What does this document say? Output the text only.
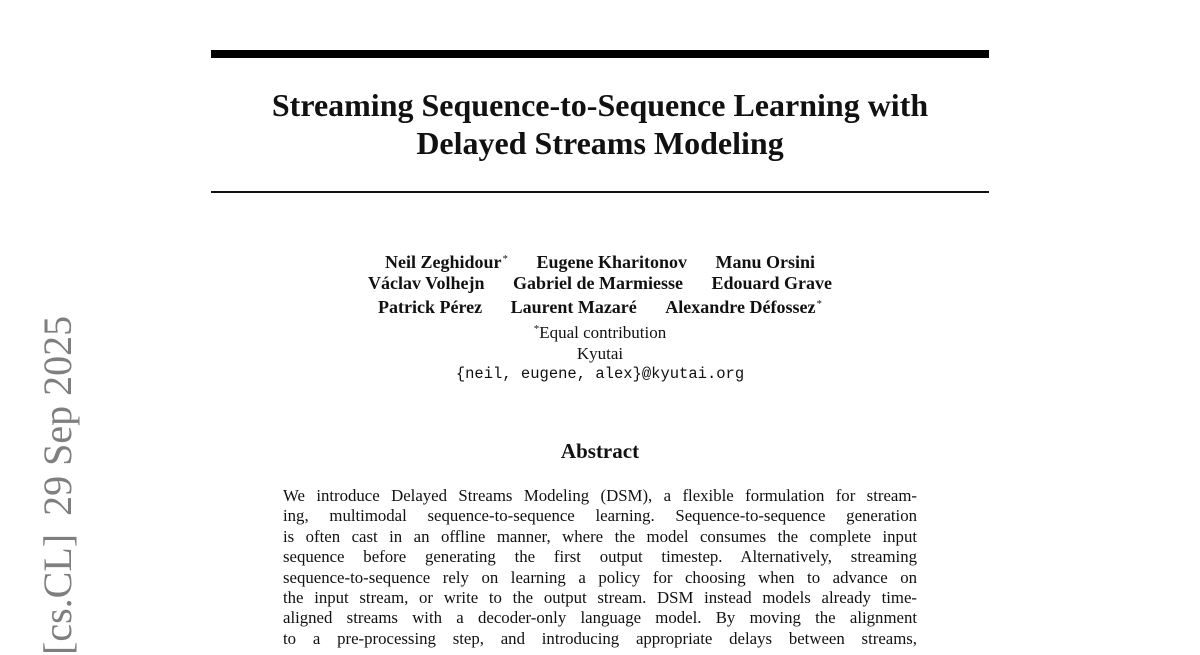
Streaming Sequence-to-Sequence Learning with
Delayed Streams Modeling
Neil Zeghidour* Eugene Kharitonov Manu Orsini
Václav Volhejn Gabriel de Marmiesse Edouard Grave
Patrick Pérez Laurent Mazaré Alexandre Défossez*
*Equal contribution
Kyutai
{neil, eugene, alex}@kyutai.org
Abstract
We introduce Delayed Streams Modeling (DSM), a flexible formulation for stream-
ing, multimodal sequence-to-sequence learning. Sequence-to-sequence generation
is often cast in an offline manner, where the model consumes the complete input
sequence before generating the first output timestep. Alternatively, streaming
sequence-to-sequence rely on learning a policy for choosing when to advance on
the input stream, or write to the output stream. DSM instead models already time-
aligned streams with a decoder-only language model. By moving the alignment
to a pre-processing step, and introducing appropriate delays between streams,
[cs.CL]29 Sep 2025
